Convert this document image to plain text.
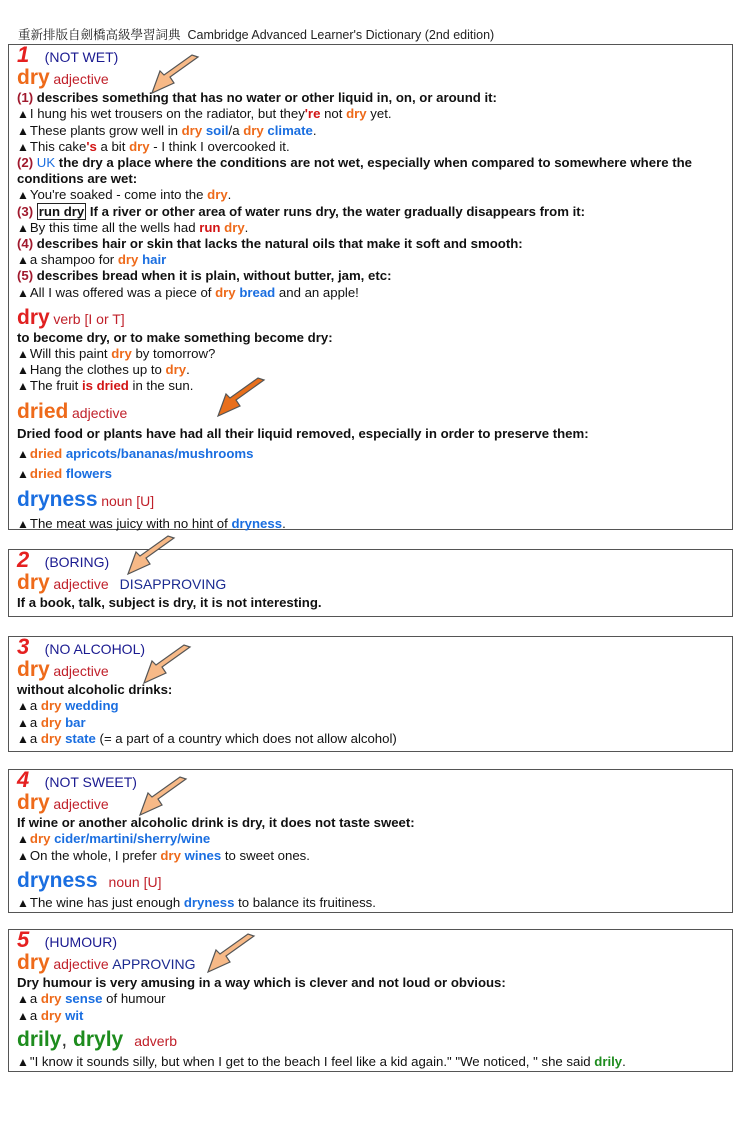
重新排版自劍橋高級學習詞典 Cambridge Advanced Learner's Dictionary (2nd edition)
1 (NOT WET)
dry adjective
(1) describes something that has no water or other liquid in, on, or around it:
▲I hung his wet trousers on the radiator, but they're not dry yet.
▲These plants grow well in dry soil/a dry climate.
▲This cake's a bit dry - I think I overcooked it.
(2) UK the dry a place where the conditions are not wet, especially when compared to somewhere where the conditions are wet:
▲You're soaked - come into the dry.
(3) run dry If a river or other area of water runs dry, the water gradually disappears from it:
▲By this time all the wells had run dry.
(4) describes hair or skin that lacks the natural oils that make it soft and smooth:
▲a shampoo for dry hair
(5) describes bread when it is plain, without butter, jam, etc:
▲All I was offered was a piece of dry bread and an apple!
dry verb [I or T]
to become dry, or to make something become dry:
▲Will this paint dry by tomorrow?
▲Hang the clothes up to dry.
▲The fruit is dried in the sun.
dried adjective
Dried food or plants have had all their liquid removed, especially in order to preserve them:
▲dried apricots/bananas/mushrooms
▲dried flowers
dryness noun [U]
▲The meat was juicy with no hint of dryness.
2 (BORING)
dry adjective DISAPPROVING
If a book, talk, subject is dry, it is not interesting.
3 (NO ALCOHOL)
dry adjective
without alcoholic drinks:
▲a dry wedding
▲a dry bar
▲a dry state (= a part of a country which does not allow alcohol)
4 (NOT SWEET)
dry adjective
If wine or another alcoholic drink is dry, it does not taste sweet:
▲dry cider/martini/sherry/wine
▲On the whole, I prefer dry wines to sweet ones.
dryness noun [U]
▲The wine has just enough dryness to balance its fruitiness.
5 (HUMOUR)
dry adjective APPROVING
Dry humour is very amusing in a way which is clever and not loud or obvious:
▲a dry sense of humour
▲a dry wit
drily, dryly adverb
▲"I know it sounds silly, but when I get to the beach I feel like a kid again." "We noticed, " she said drily.
